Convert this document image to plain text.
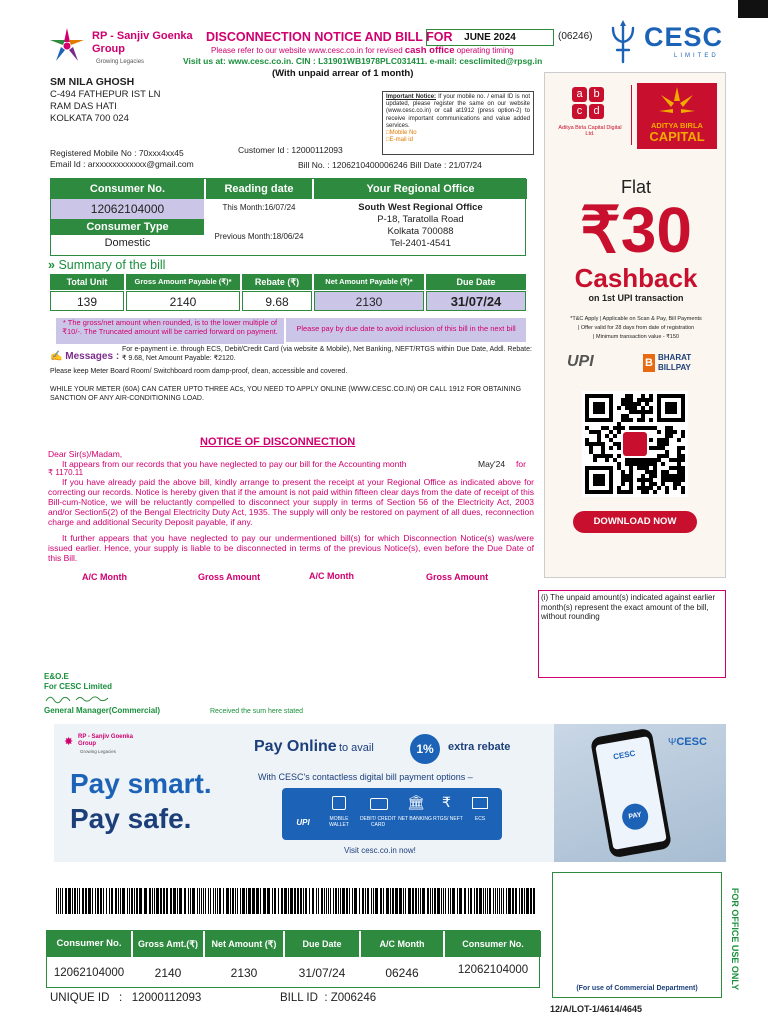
RP - Sanjiv Goenka
Group
Growing Legacies
DISCONNECTION NOTICE AND BILL FOR	JUNE 2024	(06246)
Please refer to our website www.cesc.co.in for revised cash office operating timing
Visit us at: www.cesc.co.in. CIN : L31901WB1978PLC031411. e-mail: cesclimited@rpsg.in
(With unpaid arrear of 1 month)
CESC
LIMITED
SM NILA GHOSH
C-494 FATHEPUR IST LN
RAM DAS HATI
KOLKATA 700 024
Registered Mobile No : 70xxx4xx45
Email Id : arxxxxxxxxxxxx@gmail.com
Customer Id : 12000112093
Bill No. : 1206210400006246 Bill Date : 21/07/24
Important Notice: If your mobile no. / email ID is not updated, please register the same on our website (www.cesc.co.in) or call at1912 (press option-2) to receive important communications and value added services.
□Mobile No
□E-mail id
Consumer No.
12062104000
Consumer Type
Domestic
Reading date
This Month:16/07/24
Previous Month:18/06/24
Your Regional Office
South West Regional Office
P-18, Taratolla Road
Kolkata 700088
Tel-2401-4541
» Summary of the bill
Total Unit	Gross Amount Payable (₹)*	Rebate (₹)	Net Amount Payable (₹)*	Due Date
139	2140	9.68	2130	31/07/24
* The gross/net amount when rounded, is to the lower multiple of ₹10/-. The Truncated amount will be carried forward on payment.	Please pay by due date to avoid inclusion of this bill in the next bill
✍ Messages :
For e-payment i.e. through ECS, Debit/Credit Card (via website & Mobile), Net Banking, NEFT/RTGS within Due Date, Addl. Rebate: ₹ 9.68, Net Amount Payable: ₹2120.
Please keep Meter Board Room/ Switchboard room damp-proof, clean, accessible and covered.
WHILE YOUR METER (60A) CAN CATER UPTO THREE ACs, YOU NEED TO APPLY ONLINE (WWW.CESC.CO.IN) OR CALL 1912 FOR OBTAINING SANCTION OF ANY AIR-CONDITIONING LOAD.
NOTICE OF DISCONNECTION
Dear Sir(s)/Madam,
It appears from our records that you have neglected to pay our bill for the Accounting month	May'24 for
₹ 1170.11
If you have already paid the above bill, kindly arrange to present the receipt at your Regional Office as indicated above for correcting our records. Notice is hereby given that if the amount is not paid within fifteen clear days from the date of receipt of this Bill-cum-Notice, we will be reluctantly compelled to disconnect your supply in terms of Section 56 of the Electricity Act, 2003 and/or Section5(2) of the Bengal Electricity Duty Act, 1935. The supply will only be restored on payment of all dues, reconnection charge and additional Security Deposit payable, if any.
It further appears that you have neglected to pay our undermentioned bill(s) for which Disconnection Notice(s) was/were issued earlier. Hence, your supply is liable to be disconnected in terms of the previous Notice(s), even before the Due Date of this Bill.
A/C Month	Gross Amount	A/C Month	Gross Amount
(i) The unpaid amount(s) indicated against earlier month(s) represent the exact amount of the bill, without rounding
E&O.E
For CESC Limited
General Manager(Commercial)	Received the sum here stated
a b
c	d
Aditya Birla Capital Digital Ltd.
ADITYA BIRLA
CAPITAL
Flat
₹30
Cashback
on 1st UPI transaction
*T&C Apply | Applicable on Scan & Pay, Bill Payments
| Offer valid for 28 days from date of registration
| Minimum transaction value - ₹150
UPI	B BHARAT
BILLPAY
DOWNLOAD NOW
✸ RP - Sanjiv Goenka Group
Growing Legacies	Pay Online to avail	1%	extra rebate
With CESC's contactless digital bill payment options –
Pay smart.
Pay safe.	UPI	MOBILE WALLET
DEBIT/ CREDIT CARD
NET BANKING RTGS/ NEFT	ECS
🏛 ₹
Visit cesc.co.in now!
CESC
PAY
ΨCESC
Consumer No.	Gross Amt.(₹)	Net Amount (₹)	Due Date	A/C Month	Consumer No.
12062104000	2140	2130	31/07/24	06246	12062104000
UNIQUE ID   :   12000112093	BILL ID  : Z006246
(For use of Commercial Department)	FOR OFFICE USE ONLY
12/A/LOT-1/4614/4645
